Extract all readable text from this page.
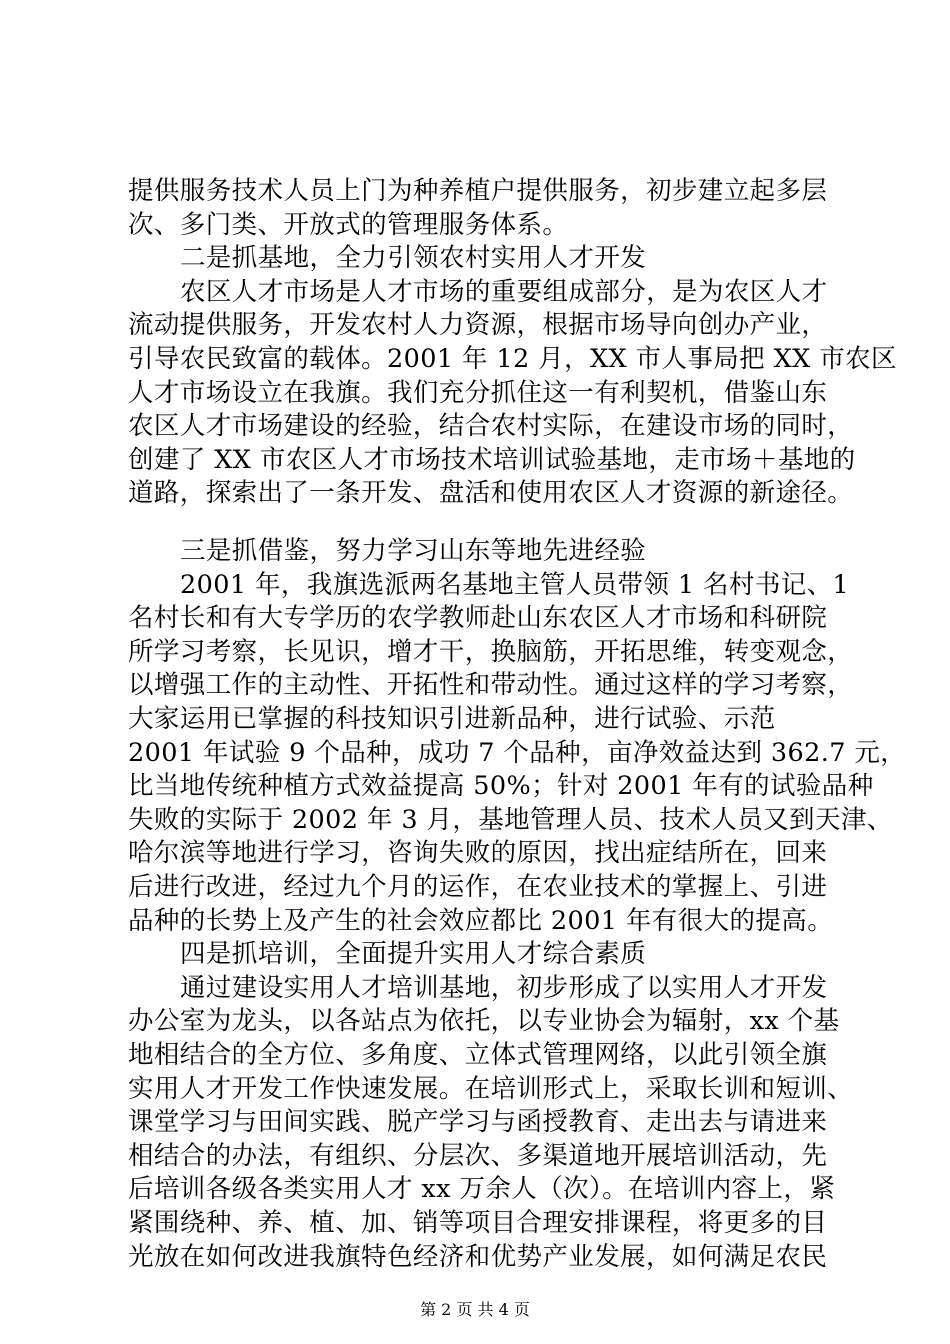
提供服务技术人员上门为种养植户提供服务，初步建立起多层
次、多门类、开放式的管理服务体系。
二是抓基地，全力引领农村实用人才开发
农区人才市场是人才市场的重要组成部分，是为农区人才
流动提供服务，开发农村人力资源，根据市场导向创办产业，
引导农民致富的载体。2001 年 12 月，XX 市人事局把 XX 市农区
人才市场设立在我旗。我们充分抓住这一有利契机，借鉴山东
农区人才市场建设的经验，结合农村实际，在建设市场的同时，
创建了 XX 市农区人才市场技术培训试验基地，走市场＋基地的
道路，探索出了一条开发、盘活和使用农区人才资源的新途径。
三是抓借鉴，努力学习山东等地先进经验
2001 年，我旗选派两名基地主管人员带领 1 名村书记、1
名村长和有大专学历的农学教师赴山东农区人才市场和科研院
所学习考察，长见识，增才干，换脑筋，开拓思维，转变观念，
以增强工作的主动性、开拓性和带动性。通过这样的学习考察，
大家运用已掌握的科技知识引进新品种，进行试验、示范
2001 年试验 9 个品种，成功 7 个品种，亩净效益达到 362.7 元，
比当地传统种植方式效益提高 50%；针对 2001 年有的试验品种
失败的实际于 2002 年 3 月，基地管理人员、技术人员又到天津、
哈尔滨等地进行学习，咨询失败的原因，找出症结所在，回来
后进行改进，经过九个月的运作，在农业技术的掌握上、引进
品种的长势上及产生的社会效应都比 2001 年有很大的提高。
四是抓培训，全面提升实用人才综合素质
通过建设实用人才培训基地，初步形成了以实用人才开发
办公室为龙头，以各站点为依托，以专业协会为辐射，xx 个基
地相结合的全方位、多角度、立体式管理网络，以此引领全旗
实用人才开发工作快速发展。在培训形式上，采取长训和短训、
课堂学习与田间实践、脱产学习与函授教育、走出去与请进来
相结合的办法，有组织、分层次、多渠道地开展培训活动，先
后培训各级各类实用人才 xx 万余人（次）。在培训内容上，紧
紧围绕种、养、植、加、销等项目合理安排课程，将更多的目
第 2 页 共 4 页
光放在如何改进我旗特色经济和优势产业发展，如何满足农民
